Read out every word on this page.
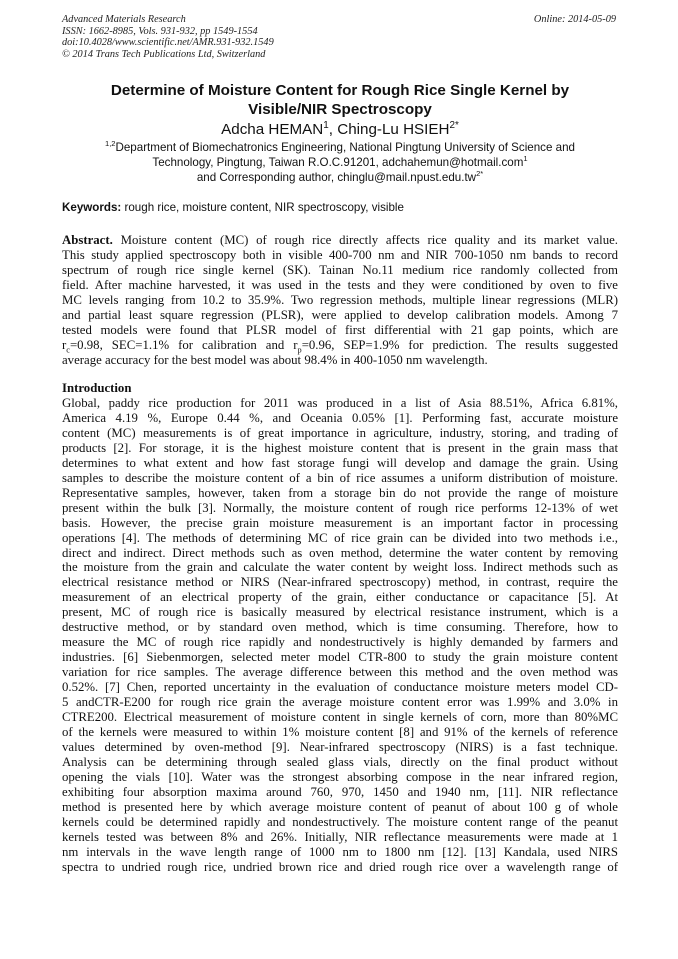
Advanced Materials Research
ISSN: 1662-8985, Vols. 931-932, pp 1549-1554
doi:10.4028/www.scientific.net/AMR.931-932.1549
© 2014 Trans Tech Publications Ltd, Switzerland
Online: 2014-05-09
Determine of Moisture Content for Rough Rice Single Kernel by
Visible/NIR Spectroscopy
Adcha HEMAN$^1$, Ching-Lu $HSIEH^{2*}$
$^{1,2}$Department of Biomechatronics Engineering, National Pingtung University of Science and
Technology, Pingtung, Taiwan R.O.C.91201, adchahemun@hotmail.com$^1$
and Corresponding author, $chinglu@mail.npust.edu.tw^{2*}$
Keywords: rough rice, moisture content, NIR spectroscopy, visible
Abstract. Moisture content (MC) of rough rice directly affects rice quality and its market value.
This study applied spectroscopy both in visible 400-700 nm and NIR 700-1050 nm bands to record
spectrum of rough rice single kernel (SK). Tainan No.11 medium rice randomly collected from
field. After machine harvested, it was used in the tests and they were conditioned by oven to five
MC levels ranging from 10.2 to 35.9%. Two regression methods, multiple linear regressions (MLR)
and partial least square regression (PLSR), were applied to develop calibration models. Among 7
tested models were found that PLSR model of first differential with 21 gap points, which are
$r_c=0.98$, SEC=1.1% for calibration and $r_p=0.96$, SEP=1.9% for prediction. The results suggested
average accuracy for the best model was about 98.4% in 400-1050 nm wavelength.
Introduction
Global, paddy rice production for 2011 was produced in a list of Asia 88.51%, Africa 6.81%,
America 4.19 %, Europe 0.44 %, and Oceania 0.05% [1]. Performing fast, accurate moisture
content (MC) measurements is of great importance in agriculture, industry, storing, and trading of
products [2]. For storage, it is the highest moisture content that is present in the grain mass that
determines to what extent and how fast storage fungi will develop and damage the grain. Using
samples to describe the moisture content of a bin of rice assumes a uniform distribution of moisture.
Representative samples, however, taken from a storage bin do not provide the range of moisture
present within the bulk [3]. Normally, the moisture content of rough rice performs 12-13% of wet
basis. However, the precise grain moisture measurement is an important factor in processing
operations [4]. The methods of determining MC of rice grain can be divided into two methods i.e.,
direct and indirect. Direct methods such as oven method, determine the water content by removing
the moisture from the grain and calculate the water content by weight loss. Indirect methods such as
electrical resistance method or NIRS (Near-infrared spectroscopy) method, in contrast, require the
measurement of an electrical property of the grain, either conductance or capacitance [5]. At
present, MC of rough rice is basically measured by electrical resistance instrument, which is a
destructive method, or by standard oven method, which is time consuming. Therefore, how to
measure the MC of rough rice rapidly and nondestructively is highly demanded by farmers and
industries. [6] Siebenmorgen, selected meter model CTR-800 to study the grain moisture content
variation for rice samples. The average difference between this method and the oven method was
0.52%. [7] Chen, reported uncertainty in the evaluation of conductance moisture meters model CD-
5 andCTR-E200 for rough rice grain the average moisture content error was 1.99% and 3.0% in
CTRE200. Electrical measurement of moisture content in single kernels of corn, more than 80%MC
of the kernels were measured to within 1% moisture content [8] and 91% of the kernels of reference
values determined by oven-method [9]. Near-infrared spectroscopy (NIRS) is a fast technique.
Analysis can be determining through sealed glass vials, directly on the final product without
opening the vials [10]. Water was the strongest absorbing compose in the near infrared region,
exhibiting four absorption maxima around 760, 970, 1450 and 1940 nm, [11]. NIR reflectance
method is presented here by which average moisture content of peanut of about 100 g of whole
kernels could be determined rapidly and nondestructively. The moisture content range of the peanut
kernels tested was between 8% and 26%. Initially, NIR reflectance measurements were made at 1
nm intervals in the wave length range of 1000 nm to 1800 nm [12]. [13] Kandala, used NIRS
spectra to undried rough rice, undried brown rice and dried rough rice over a wavelength range of
